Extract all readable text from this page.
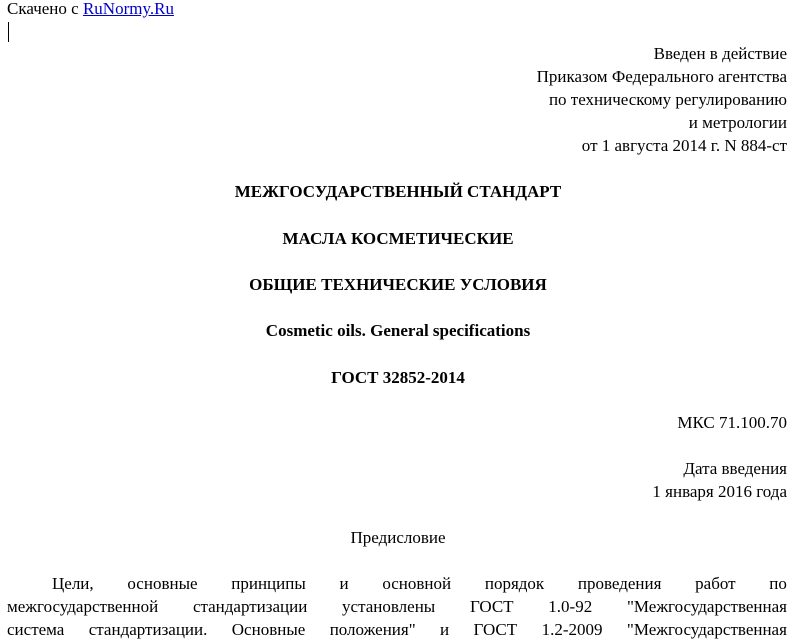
Скачено с RuNormy.Ru
Введен в действие
Приказом Федерального агентства
по техническому регулированию
и метрологии
от 1 августа 2014 г. N 884-ст
МЕЖГОСУДАРСТВЕННЫЙ СТАНДАРТ
МАСЛА КОСМЕТИЧЕСКИЕ
ОБЩИЕ ТЕХНИЧЕСКИЕ УСЛОВИЯ
Cosmetic oils. General specifications
ГОСТ 32852-2014
МКС 71.100.70
Дата введения
1 января 2016 года
Предисловие
Цели, основные принципы и основной порядок проведения работ по
межгосударственной стандартизации установлены ГОСТ 1.0-92 "Межгосударственная
система стандартизации. Основные положения" и ГОСТ 1.2-2009 "Межгосударственная
